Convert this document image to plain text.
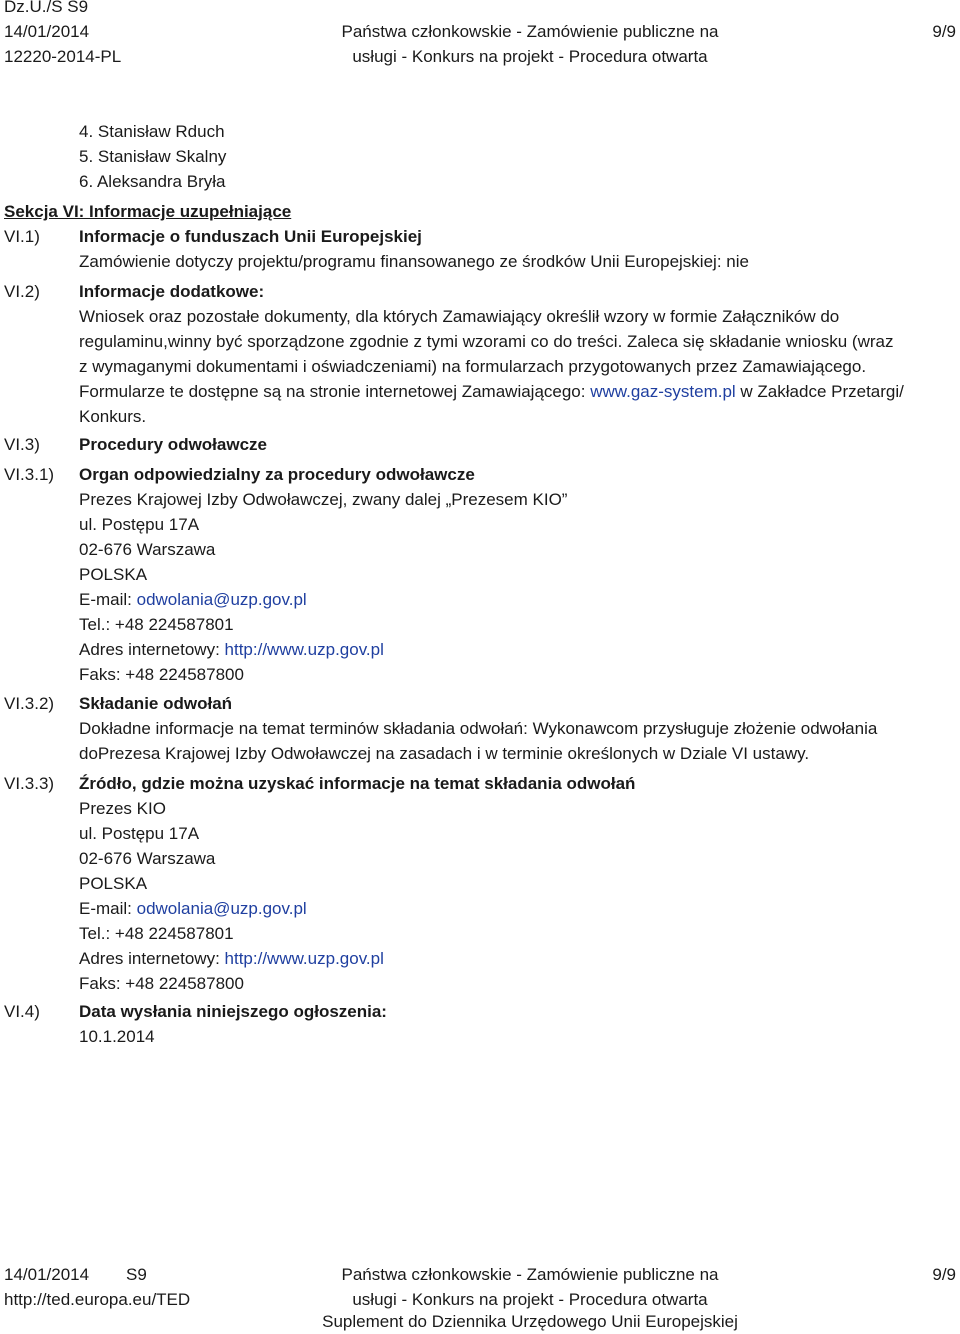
Dz.U./S S9
14/01/2014
12220-2014-PL
Państwa członkowskie - Zamówienie publiczne na
usługi - Konkurs na projekt - Procedura otwarta
9/9
4. Stanisław Rduch
5. Stanisław Skalny
6. Aleksandra Bryła
Sekcja VI: Informacje uzupełniające
VI.1) Informacje o funduszach Unii Europejskiej
Zamówienie dotyczy projektu/programu finansowanego ze środków Unii Europejskiej: nie
VI.2) Informacje dodatkowe:
Wniosek oraz pozostałe dokumenty, dla których Zamawiający określił wzory w formie Załączników do
regulaminu,winny być sporządzone zgodnie z tymi wzorami co do treści. Zaleca się składanie wniosku (wraz
z wymaganymi dokumentami i oświadczeniami) na formularzach przygotowanych przez Zamawiającego.
Formularze te dostępne są na stronie internetowej Zamawiającego: www.gaz-system.pl w Zakładce Przetargi/
Konkurs.
VI.3) Procedury odwoławcze
VI.3.1) Organ odpowiedzialny za procedury odwoławcze
Prezes Krajowej Izby Odwoławczej, zwany dalej „Prezesem KIO”
ul. Postępu 17A
02-676 Warszawa
POLSKA
E-mail: odwolania@uzp.gov.pl
Tel.: +48 224587801
Adres internetowy: http://www.uzp.gov.pl
Faks: +48 224587800
VI.3.2) Składanie odwołań
Dokładne informacje na temat terminów składania odwołań: Wykonawcom przysługuje złożenie odwołania
doPrezesa Krajowej Izby Odwoławczej na zasadach i w terminie określonych w Dziale VI ustawy.
VI.3.3) Źródło, gdzie można uzyskać informacje na temat składania odwołań
Prezes KIO
ul. Postępu 17A
02-676 Warszawa
POLSKA
E-mail: odwolania@uzp.gov.pl
Tel.: +48 224587801
Adres internetowy: http://www.uzp.gov.pl
Faks: +48 224587800
VI.4) Data wysłania niniejszego ogłoszenia:
10.1.2014
14/01/2014 S9
http://ted.europa.eu/TED
Państwa członkowskie - Zamówienie publiczne na
usługi - Konkurs na projekt - Procedura otwarta
Suplement do Dziennika Urzędowego Unii Europejskiej
9/9
